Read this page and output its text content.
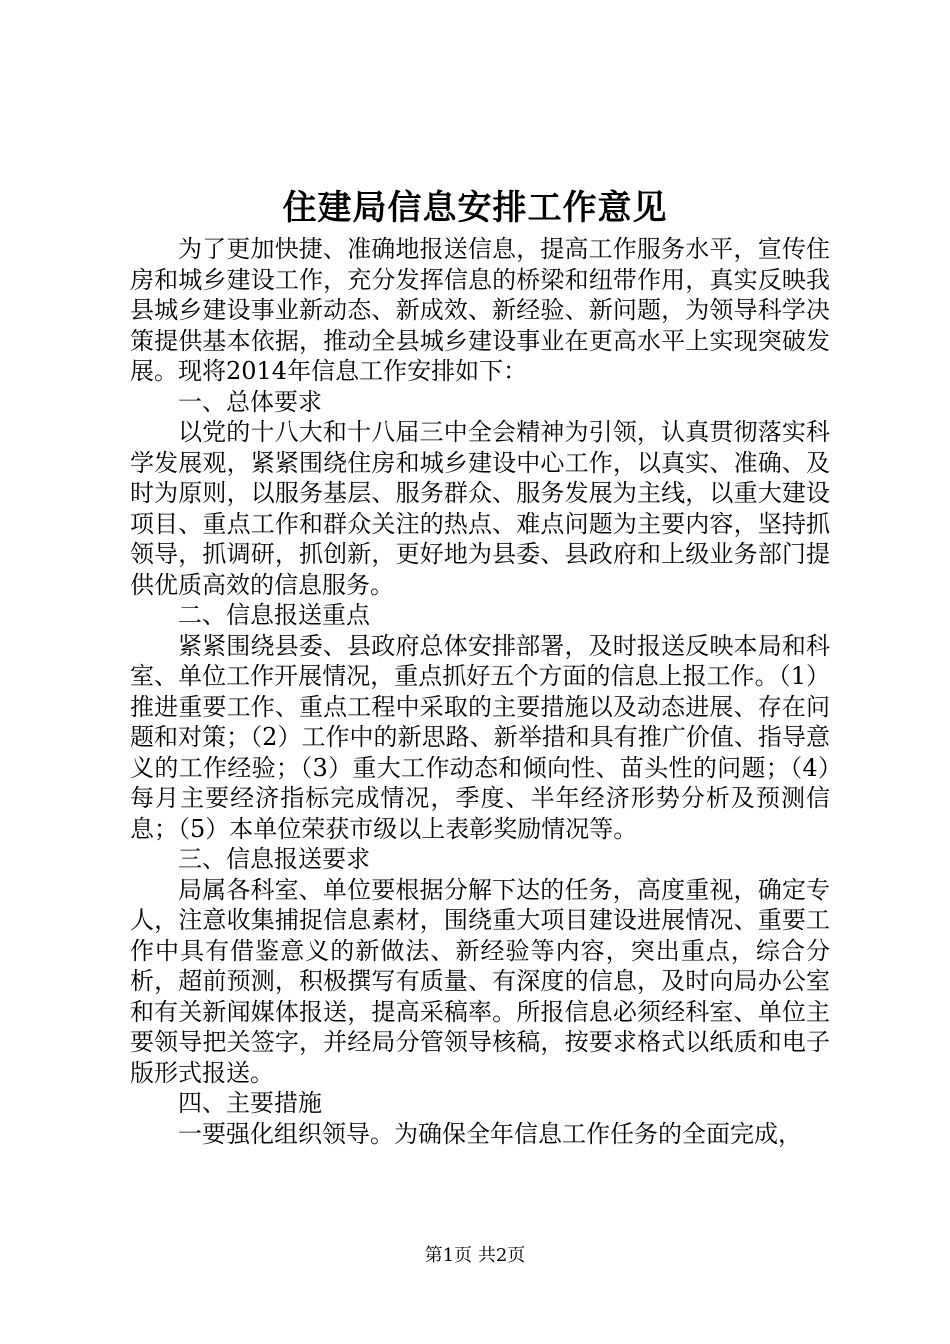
住建局信息安排工作意见

为了更加快捷、准确地报送信息，提高工作服务水平，宣传住房和城乡建设工作，充分发挥信息的桥梁和纽带作用，真实反映我县城乡建设事业新动态、新成效、新经验、新问题，为领导科学决策提供基本依据，推动全县城乡建设事业在更高水平上实现突破发展。现将2014年信息工作安排如下：

一、总体要求

以党的十八大和十八届三中全会精神为引领，认真贯彻落实科学发展观，紧紧围绕住房和城乡建设中心工作，以真实、准确、及时为原则，以服务基层、服务群众、服务发展为主线，以重大建设项目、重点工作和群众关注的热点、难点问题为主要内容，坚持抓领导，抓调研，抓创新，更好地为县委、县政府和上级业务部门提供优质高效的信息服务。

二、信息报送重点

紧紧围绕县委、县政府总体安排部署，及时报送反映本局和科室、单位工作开展情况，重点抓好五个方面的信息上报工作。（1）推进重要工作、重点工程中采取的主要措施以及动态进展、存在问题和对策；（2）工作中的新思路、新举措和具有推广价值、指导意义的工作经验；（3）重大工作动态和倾向性、苗头性的问题；（4）每月主要经济指标完成情况，季度、半年经济形势分析及预测信息；（5）本单位荣获市级以上表彰奖励情况等。

三、信息报送要求

局属各科室、单位要根据分解下达的任务，高度重视，确定专人，注意收集捕捉信息素材，围绕重大项目建设进展情况、重要工作中具有借鉴意义的新做法、新经验等内容，突出重点，综合分析，超前预测，积极撰写有质量、有深度的信息，及时向局办公室和有关新闻媒体报送，提高采稿率。所报信息必须经科室、单位主要领导把关签字，并经局分管领导核稿，按要求格式以纸质和电子版形式报送。

四、主要措施

一要强化组织领导。为确保全年信息工作任务的全面完成，

第1页 共2页
